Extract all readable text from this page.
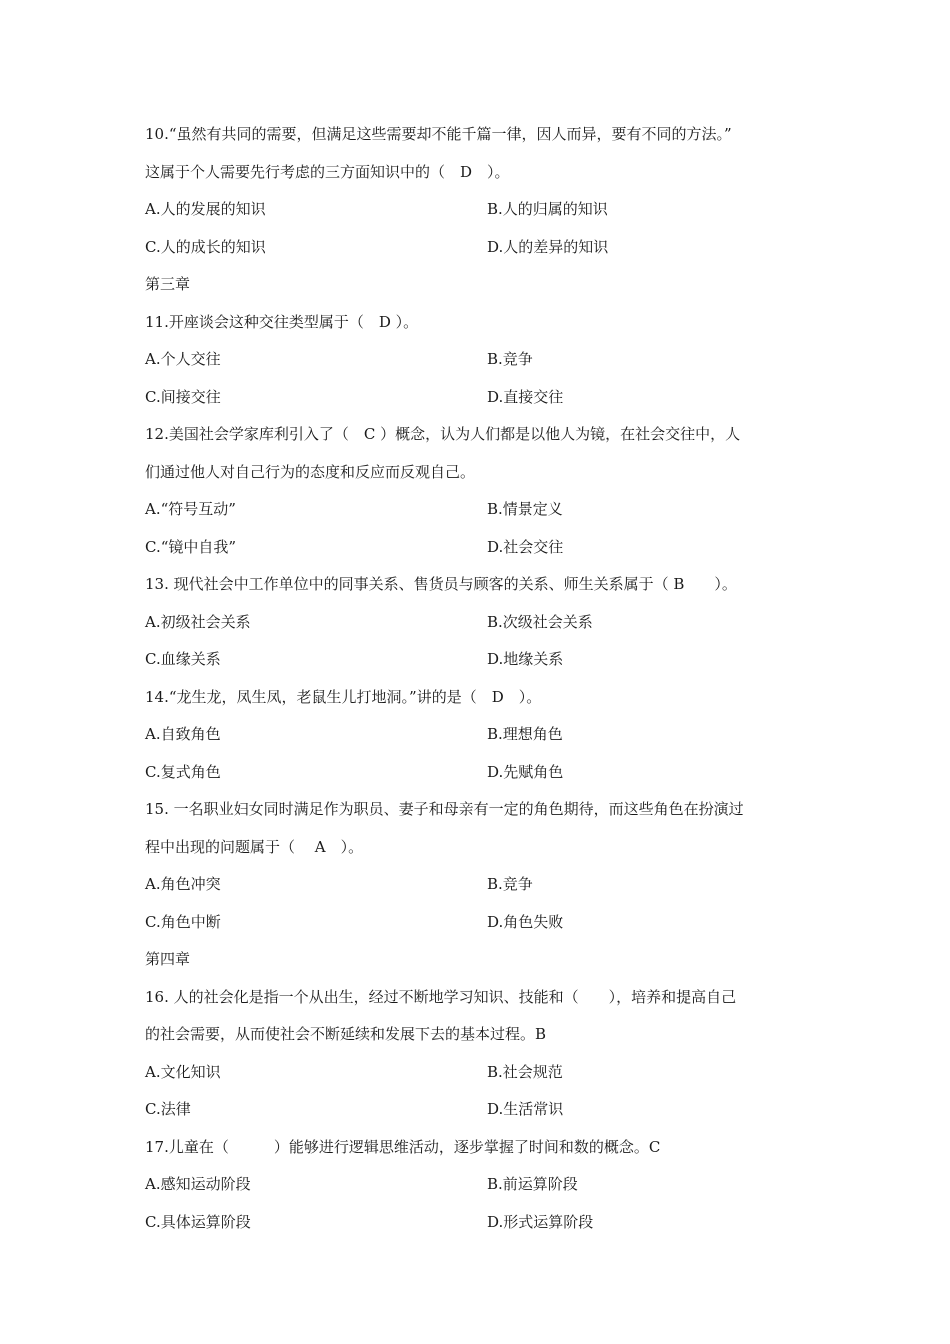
10.“虽然有共同的需要，但满足这些需要却不能千篇一律，因人而异，要有不同的方法。”
这属于个人需要先行考虑的三方面知识中的（　D　）。
A.人的发展的知识	B.人的归属的知识
C.人的成长的知识	D.人的差异的知识
第三章
11.开座谈会这种交往类型属于（　D ）。
A.个人交往	B.竞争
C.间接交往	D.直接交往
12.美国社会学家库利引入了（　C ）概念，认为人们都是以他人为镜，在社会交往中，人
们通过他人对自己行为的态度和反应而反观自己。
A.“符号互动”	B.情景定义
C.“镜中自我”	D.社会交往
13. 现代社会中工作单位中的同事关系、售货员与顾客的关系、师生关系属于（ B　　）。
A.初级社会关系	B.次级社会关系
C.血缘关系	D.地缘关系
14.“龙生龙，凤生凤，老鼠生儿打地洞。”讲的是（　D　）。
A.自致角色	B.理想角色
C.复式角色	D.先赋角色
15. 一名职业妇女同时满足作为职员、妻子和母亲有一定的角色期待，而这些角色在扮演过
程中出现的问题属于（　 A　）。
A.角色冲突	B.竞争
C.角色中断	D.角色失败
第四章
16. 人的社会化是指一个从出生，经过不断地学习知识、技能和（　　），培养和提高自己
的社会需要，从而使社会不断延续和发展下去的基本过程。B
A.文化知识	B.社会规范
C.法律	D.生活常识
17.儿童在（　　　）能够进行逻辑思维活动，逐步掌握了时间和数的概念。C
A.感知运动阶段	B.前运算阶段
C.具体运算阶段	D.形式运算阶段
